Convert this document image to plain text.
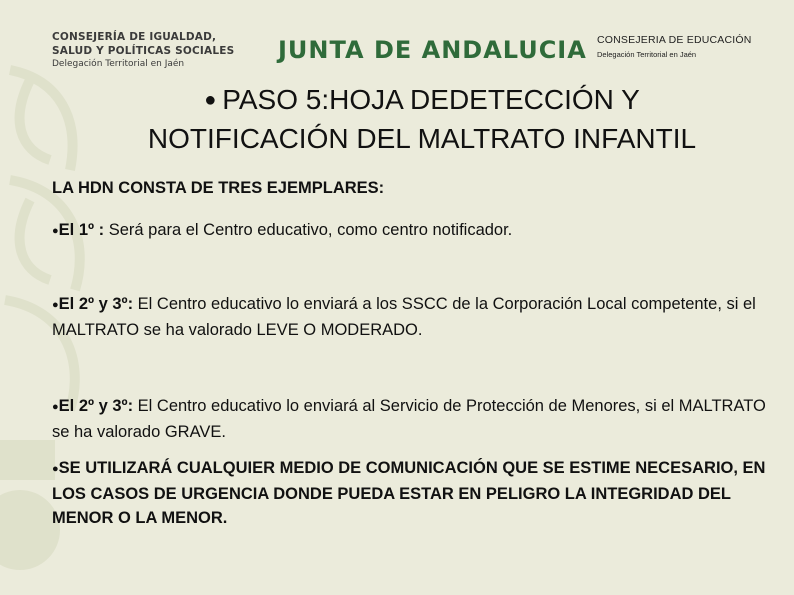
CONSEJERÍA DE IGUALDAD,
SALUD Y POLÍTICAS SOCIALES
Delegación Territorial en Jaén	JUNTA DE ANDALUCIA CONSEJERIA DE EDUCACIÓN
Delegación Territorial en Jaén
● PASO 5:HOJA DEDETECCIÓN Y
NOTIFICACIÓN DEL MALTRATO INFANTIL
LA HDN CONSTA DE TRES EJEMPLARES:
●El 1º : Será para el Centro educativo, como centro notificador.
●El 2º y 3º: El Centro educativo lo enviará a los SSCC de la Corporación Local competente, si el MALTRATO se ha valorado LEVE O MODERADO.
●El 2º y 3º: El Centro educativo lo enviará al Servicio de Protección de Menores, si el MALTRATO se ha valorado GRAVE.
●SE UTILIZARÁ CUALQUIER MEDIO DE COMUNICACIÓN QUE SE ESTIME NECESARIO, EN LOS CASOS DE URGENCIA DONDE PUEDA ESTAR EN PELIGRO LA INTEGRIDAD DEL MENOR O LA MENOR.
